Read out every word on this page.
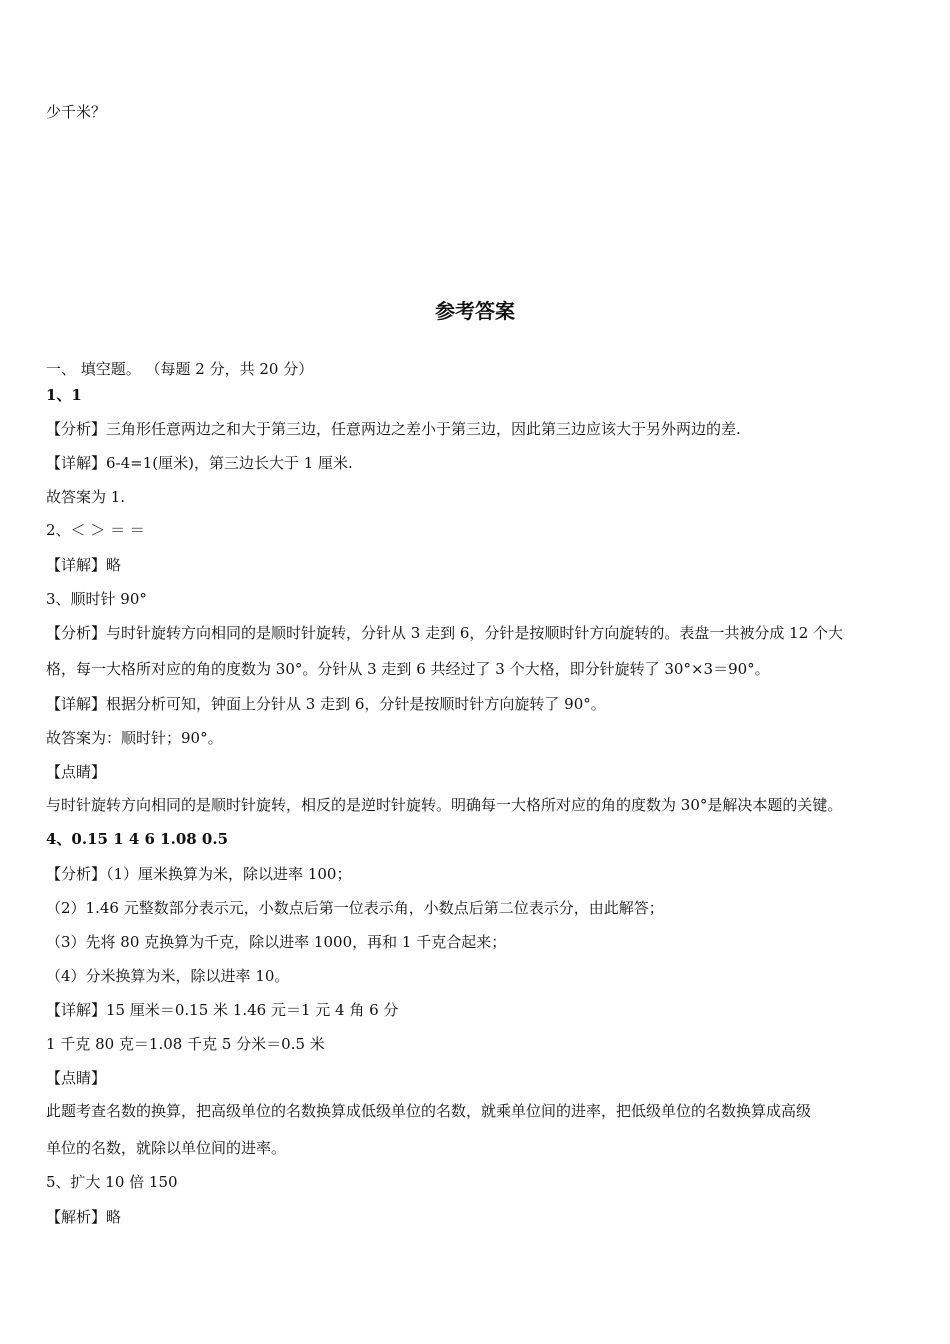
少千米？
参考答案
一、 填空题。 （每题 2 分，共 20 分）
1、1
【分析】三角形任意两边之和大于第三边，任意两边之差小于第三边，因此第三边应该大于另外两边的差.
【详解】6-4=1(厘米)，第三边长大于 1 厘米.
故答案为 1.
2、＜ ＞ ＝ ＝
【详解】略
3、顺时针 90°
【分析】与时针旋转方向相同的是顺时针旋转，分针从 3 走到 6，分针是按顺时针方向旋转的。表盘一共被分成 12 个大
格，每一大格所对应的角的度数为 30°。分针从 3 走到 6 共经过了 3 个大格，即分针旋转了 30°×3＝90°。
【详解】根据分析可知，钟面上分针从 3 走到 6，分针是按顺时针方向旋转了 90°。
故答案为：顺时针；90°。
【点睛】
与时针旋转方向相同的是顺时针旋转，相反的是逆时针旋转。明确每一大格所对应的角的度数为 30°是解决本题的关键。
4、0.15 1 4 6 1.08 0.5
【分析】（1）厘米换算为米，除以进率 100；
（2）1.46 元整数部分表示元，小数点后第一位表示角，小数点后第二位表示分，由此解答；
（3）先将 80 克换算为千克，除以进率 1000，再和 1 千克合起来；
（4）分米换算为米，除以进率 10。
【详解】15 厘米＝0.15 米 1.46 元＝1 元 4 角 6 分
1 千克 80 克＝1.08 千克 5 分米＝0.5 米
【点睛】
此题考查名数的换算，把高级单位的名数换算成低级单位的名数，就乘单位间的进率，把低级单位的名数换算成高级
单位的名数，就除以单位间的进率。
5、扩大 10 倍 150
【解析】略
